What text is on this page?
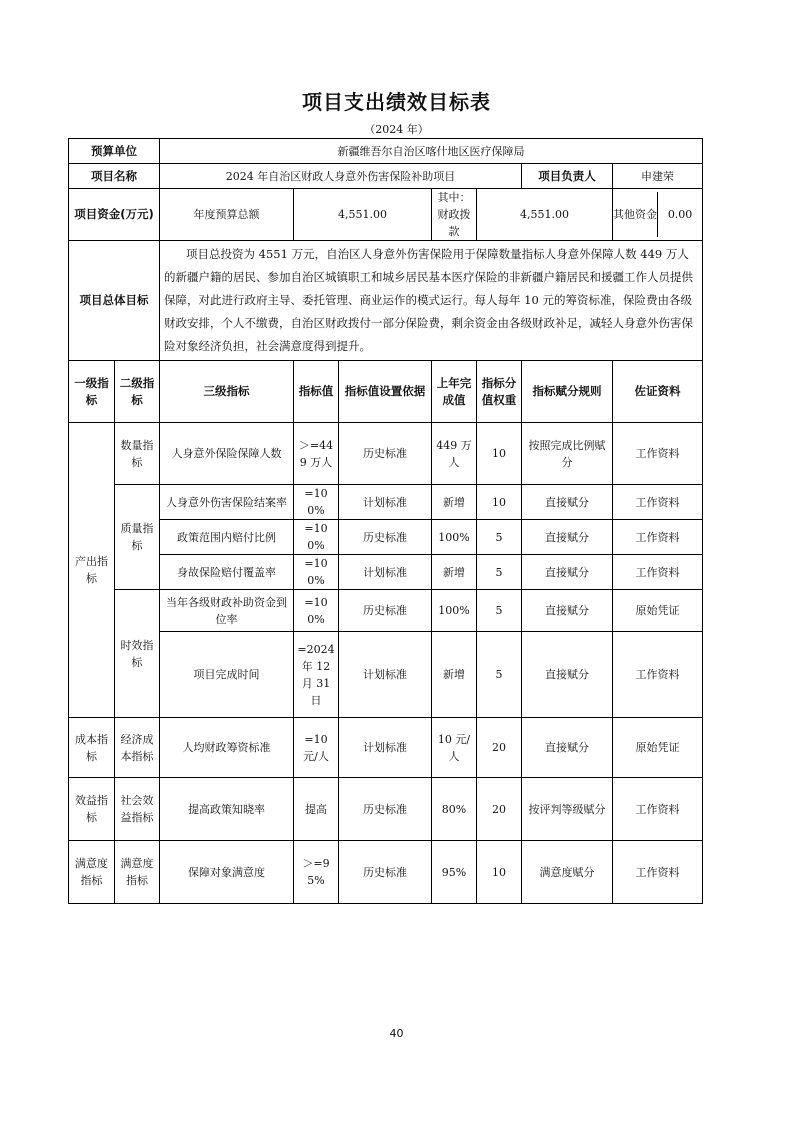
项目支出绩效目标表
（2024 年）
预算单位		新疆维吾尔自治区喀什地区医疗保障局						
项目名称		2024 年自治区财政人身意外伤害保险补助项目					项目负责人	申建荣
项目资金(万元)		年度预算总额	4,551.00		其中：财政拨款	4,551.00		其他资金 0.00

项目总体目标		项目总投资为 4551 万元，自治区人身意外伤害保险用于保障数量指标人身意外保障人数 449 万人的新疆户籍的居民、参加自治区城镇职工和城乡居民基本医疗保险的非新疆户籍居民和援疆工作人员提供保障，对此进行政府主导、委托管理、商业运作的模式运行。每人每年 10 元的筹资标准，保险费由各级财政安排，个人不缴费，自治区财政拨付一部分保险费，剩余资金由各级财政补足，减轻人身意外伤害保险对象经济负担，社会满意度得到提升。						
一级指标	二级指标	三级指标	指标值	指标值设置依据	上年完成值	指标分值权重	指标赋分规则	佐证资料
产出指标	数量指标	人身意外保险保障人数	＞=449 万人	历史标准	449 万人	10	按照完成比例赋分	工作资料
	质量指标	人身意外伤害保险结案率	=100%	计划标准	新增	10	直接赋分	工作资料
		政策范围内赔付比例	=100%	历史标准	100%	5	直接赋分	工作资料
		身故保险赔付覆盖率	=100%	计划标准	新增	5	直接赋分	工作资料
	时效指标	当年各级财政补助资金到位率	=100%	历史标准	100%	5	直接赋分	原始凭证
		项目完成时间	=2024 年 12 月 31 日	计划标准	新增	5	直接赋分	工作资料
成本指标	经济成本指标	人均财政筹资标准	=10 元/人	计划标准	10 元/人	20	直接赋分	原始凭证
效益指标	社会效益指标	提高政策知晓率	提高	历史标准	80%	20	按评判等级赋分	工作资料
满意度指标	满意度指标	保障对象满意度	＞=95%	历史标准	95%	10	满意度赋分	工作资料
40
